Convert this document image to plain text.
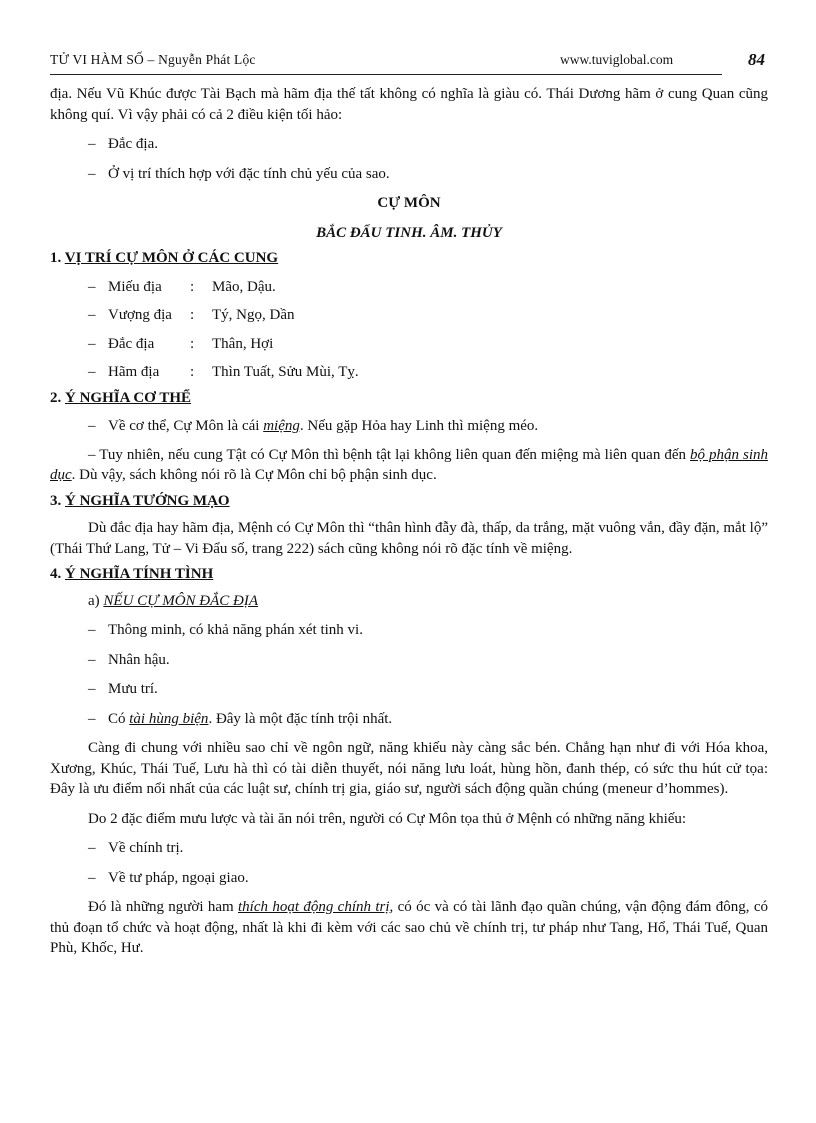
TỬ VI HÀM SỐ – Nguyễn Phát Lộc	www.tuviglobal.com	84

địa. Nếu Vũ Khúc được Tài Bạch mà hãm địa thế tất không có nghĩa là giàu có. Thái Dương hãm ở cung Quan cũng không quí. Vì vậy phải có cả 2 điều kiện tối hảo:

– Đắc địa.

– Ở vị trí thích hợp với đặc tính chủ yếu của sao.

CỰ MÔN

BẮC ĐẨU TINH. ÂM. THỦY

1. VỊ TRÍ CỰ MÔN Ở CÁC CUNG

– Miếu địa : Mão, Dậu.

– Vượng địa : Tý, Ngọ, Dần

– Đắc địa : Thân, Hợi

– Hãm địa : Thìn Tuất, Sửu Mùi, Tỵ.

2. Ý NGHĨA CƠ THỂ

– Về cơ thể, Cự Môn là cái miệng. Nếu gặp Hỏa hay Linh thì miệng méo.

– Tuy nhiên, nếu cung Tật có Cự Môn thì bệnh tật lại không liên quan đến miệng mà liên quan đến bộ phận sinh dục. Dù vậy, sách không nói rõ là Cự Môn chỉ bộ phận sinh dục.

3. Ý NGHĨA TƯỚNG MẠO

Dù đắc địa hay hãm địa, Mệnh có Cự Môn thì “thân hình đẫy đà, thấp, da trắng, mặt vuông vắn, đầy đặn, mắt lộ” (Thái Thứ Lang, Tử – Vi Đẩu số, trang 222) sách cũng không nói rõ đặc tính về miệng.

4. Ý NGHĨA TÍNH TÌNH

a) NẾU CỰ MÔN ĐẮC ĐỊA

– Thông minh, có khả năng phán xét tinh vi.

– Nhân hậu.

– Mưu trí.

– Có tài hùng biện. Đây là một đặc tính trội nhất.

Càng đi chung với nhiều sao chỉ về ngôn ngữ, năng khiếu này càng sắc bén. Chẳng hạn như đi với Hóa khoa, Xương, Khúc, Thái Tuế, Lưu hà thì có tài diễn thuyết, nói năng lưu loát, hùng hồn, đanh thép, có sức thu hút cử tọa: Đây là ưu điểm nổi nhất của các luật sư, chính trị gia, giáo sư, người sách động quần chúng (meneur d’hommes).

Do 2 đặc điểm mưu lược và tài ăn nói trên, người có Cự Môn tọa thủ ở Mệnh có những năng khiếu:

– Về chính trị.

– Về tư pháp, ngoại giao.

Đó là những người ham thích hoạt động chính trị, có óc và có tài lãnh đạo quần chúng, vận động đám đông, có thủ đoạn tổ chức và hoạt động, nhất là khi đi kèm với các sao chủ về chính trị, tư pháp như Tang, Hổ, Thái Tuế, Quan Phù, Khốc, Hư.
